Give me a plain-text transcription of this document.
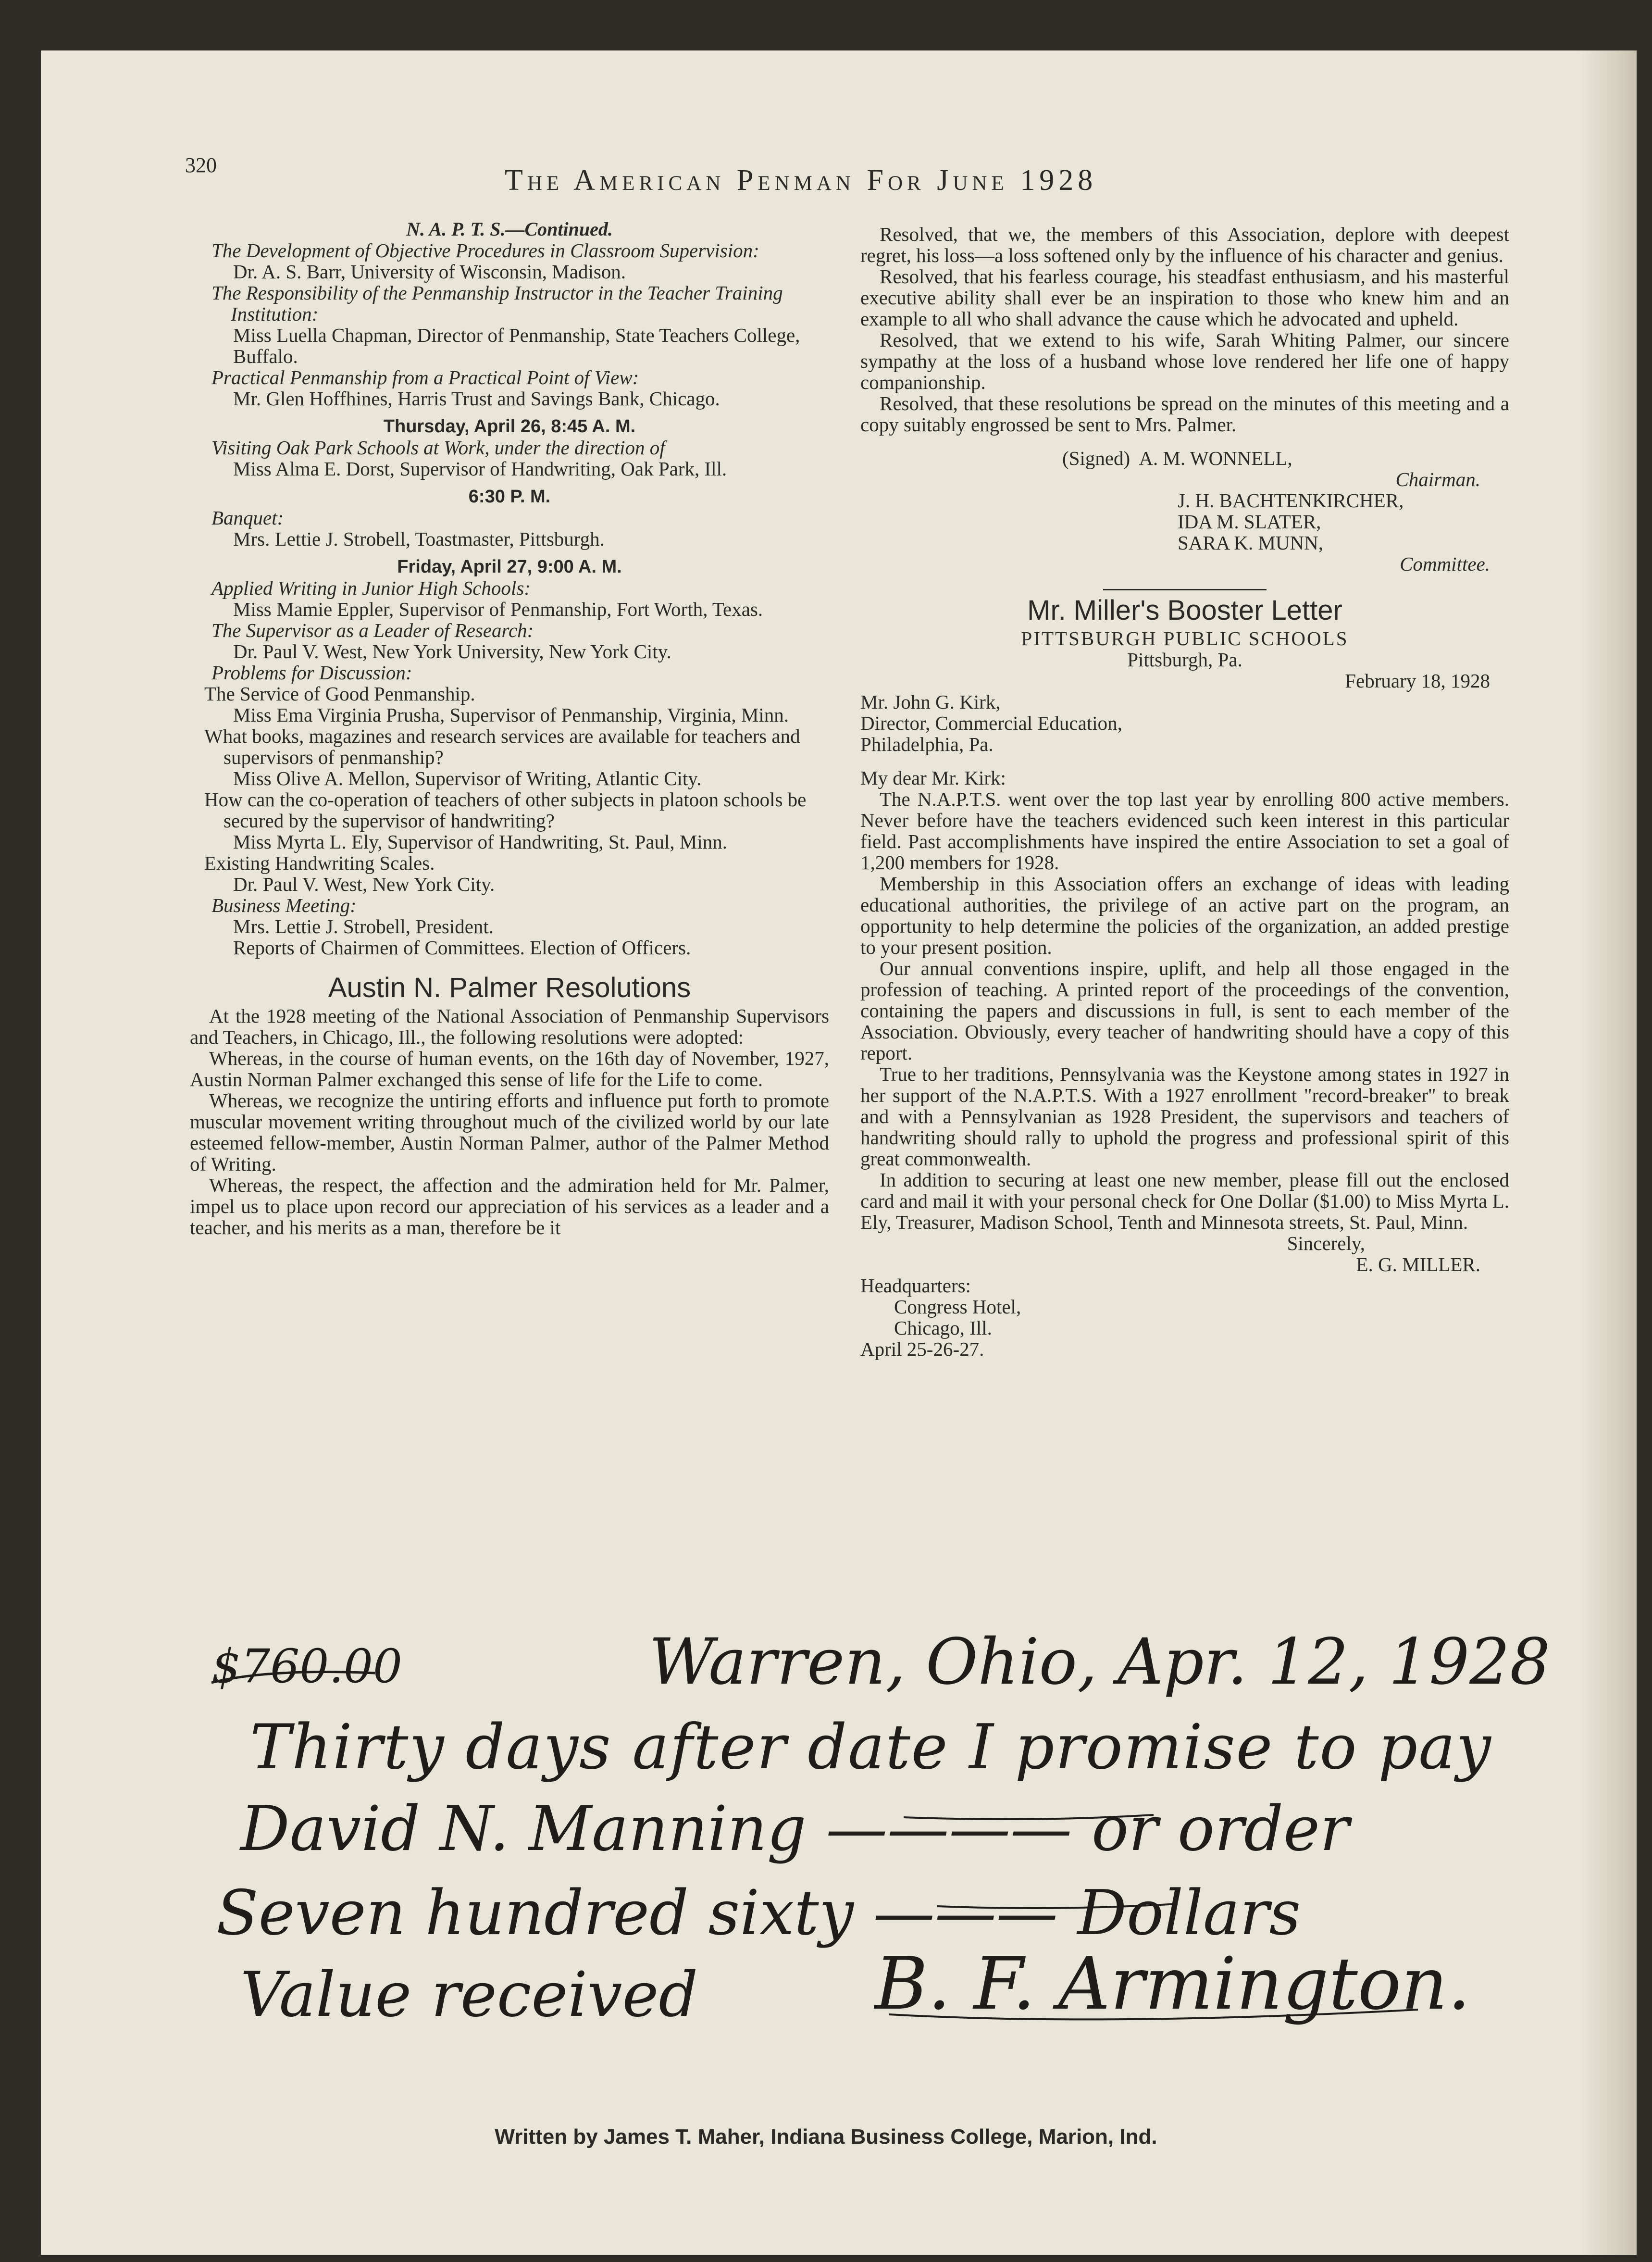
320	The American Penman For June 1928

N. A. P. T. S.—Continued.

The Development of Objective Procedures in Classroom Supervision:

Dr. A. S. Barr, University of Wisconsin, Madison.

The Responsibility of the Penmanship Instructor in the Teacher Training Institution:

Miss Luella Chapman, Director of Penmanship, State Teachers College, Buffalo.

Practical Penmanship from a Practical Point of View:

Mr. Glen Hoffhines, Harris Trust and Savings Bank, Chicago.

Thursday, April 26, 8:45 A. M.

Visiting Oak Park Schools at Work, under the direction of

Miss Alma E. Dorst, Supervisor of Handwriting, Oak Park, Ill.

6:30 P. M.

Banquet:

Mrs. Lettie J. Strobell, Toastmaster, Pittsburgh.

Friday, April 27, 9:00 A. M.

Applied Writing in Junior High Schools:

Miss Mamie Eppler, Supervisor of Penmanship, Fort Worth, Texas.

The Supervisor as a Leader of Research:

Dr. Paul V. West, New York University, New York City.

Problems for Discussion:

The Service of Good Penmanship.

Miss Ema Virginia Prusha, Supervisor of Penmanship, Virginia, Minn.

What books, magazines and research services are available for teachers and supervisors of penmanship?

Miss Olive A. Mellon, Supervisor of Writing, Atlantic City.

How can the co-operation of teachers of other subjects in platoon schools be secured by the supervisor of handwriting?

Miss Myrta L. Ely, Supervisor of Handwriting, St. Paul, Minn.

Existing Handwriting Scales.

Dr. Paul V. West, New York City.

Business Meeting:

Mrs. Lettie J. Strobell, President.

Reports of Chairmen of Committees. Election of Officers.

Austin N. Palmer Resolutions

At the 1928 meeting of the National Association of Penmanship Supervisors and Teachers, in Chicago, Ill., the following resolutions were adopted:

Whereas, in the course of human events, on the 16th day of November, 1927, Austin Norman Palmer exchanged this sense of life for the Life to come.

Whereas, we recognize the untiring efforts and influence put forth to promote muscular movement writing throughout much of the civilized world by our late esteemed fellow-member, Austin Norman Palmer, author of the Palmer Method of Writing.

Whereas, the respect, the affection and the admiration held for Mr. Palmer, impel us to place upon record our appreciation of his services as a leader and a teacher, and his merits as a man, therefore be it

Resolved, that we, the members of this Association, deplore with deepest regret, his loss—a loss softened only by the influence of his character and genius.

Resolved, that his fearless courage, his steadfast enthusiasm, and his masterful executive ability shall ever be an inspiration to those who knew him and an example to all who shall advance the cause which he advocated and upheld.

Resolved, that we extend to his wife, Sarah Whiting Palmer, our sincere sympathy at the loss of a husband whose love rendered her life one of happy companionship.

Resolved, that these resolutions be spread on the minutes of this meeting and a copy suitably engrossed be sent to Mrs. Palmer.

(Signed) A. M. WONNELL,

Chairman.

J. H. BACHTENKIRCHER,

IDA M. SLATER,

SARA K. MUNN,

Committee.

Mr. Miller's Booster Letter

PITTSBURGH PUBLIC SCHOOLS

Pittsburgh, Pa.

February 18, 1928

Mr. John G. Kirk,

Director, Commercial Education,

Philadelphia, Pa.

My dear Mr. Kirk:

The N.A.P.T.S. went over the top last year by enrolling 800 active members. Never before have the teachers evidenced such keen interest in this particular field. Past accomplishments have inspired the entire Association to set a goal of 1,200 members for 1928.

Membership in this Association offers an exchange of ideas with leading educational authorities, the privilege of an active part on the program, an opportunity to help determine the policies of the organization, an added prestige to your present position.

Our annual conventions inspire, uplift, and help all those engaged in the profession of teaching. A printed report of the proceedings of the convention, containing the papers and discussions in full, is sent to each member of the Association. Obviously, every teacher of handwriting should have a copy of this report.

True to her traditions, Pennsylvania was the Keystone among states in 1927 in her support of the N.A.P.T.S. With a 1927 enrollment "record-breaker" to break and with a Pennsylvanian as 1928 President, the supervisors and teachers of handwriting should rally to uphold the progress and professional spirit of this great commonwealth.

In addition to securing at least one new member, please fill out the enclosed card and mail it with your personal check for One Dollar ($1.00) to Miss Myrta L. Ely, Treasurer, Madison School, Tenth and Minnesota streets, St. Paul, Minn.

Sincerely,

E. G. MILLER.

Headquarters:

Congress Hotel,

Chicago, Ill.

April 25-26-27.

$760.00	Warren, Ohio, Apr. 12, 1928
Thirty days after date I promise to pay
David N. Manning ———— or order
Seven hundred sixty ——— Dollars
Value received B. F. Armington.
Written by James T. Maher, Indiana Business College, Marion, Ind.
